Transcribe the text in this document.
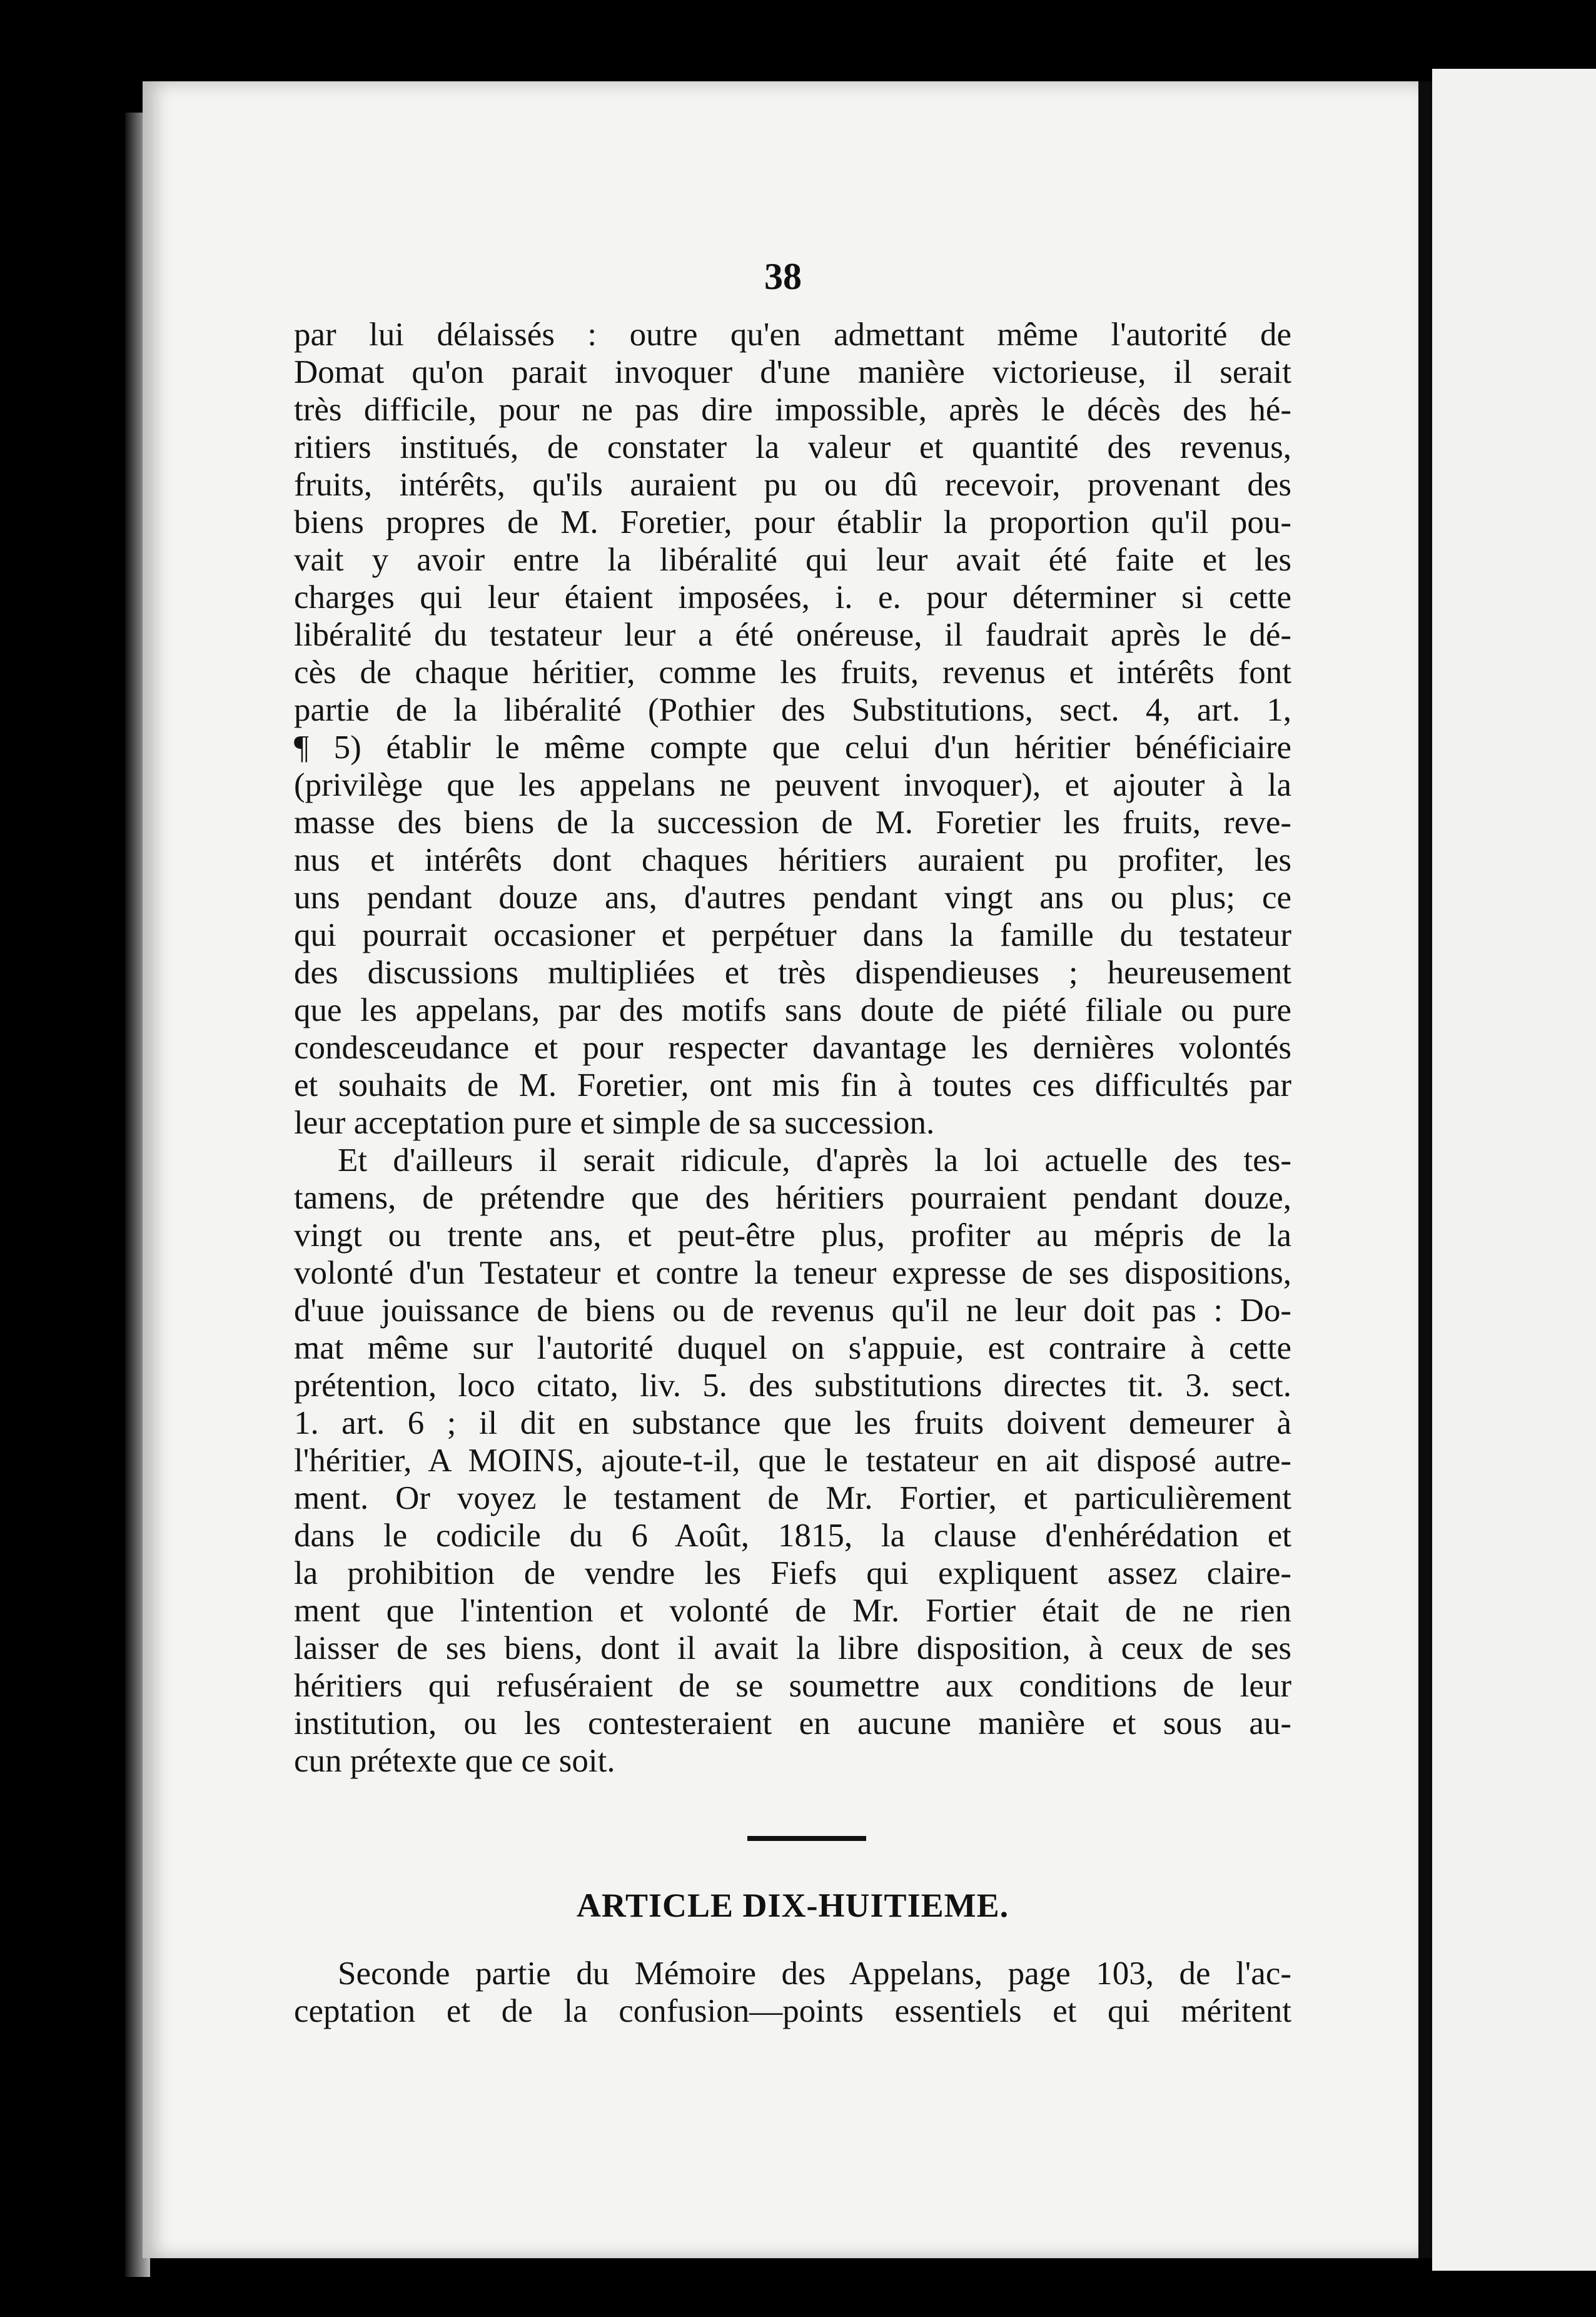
38
par lui délaissés : outre qu'en admettant même l'autorité de
Domat qu'on parait invoquer d'une manière victorieuse, il serait
très difficile, pour ne pas dire impossible, après le décès des hé-
ritiers institués, de constater la valeur et quantité des revenus,
fruits, intérêts, qu'ils auraient pu ou dû recevoir, provenant des
biens propres de M. Foretier, pour établir la proportion qu'il pou-
vait y avoir entre la libéralité qui leur avait été faite et les
charges qui leur étaient imposées, i. e. pour déterminer si cette
libéralité du testateur leur a été onéreuse, il faudrait après le dé-
cès de chaque héritier, comme les fruits, revenus et intérêts font
partie de la libéralité (Pothier des Substitutions, sect. 4, art. 1,
¶ 5) établir le même compte que celui d'un héritier bénéficiaire
(privilège que les appelans ne peuvent invoquer), et ajouter à la
masse des biens de la succession de M. Foretier les fruits, reve-
nus et intérêts dont chaques héritiers auraient pu profiter, les
uns pendant douze ans, d'autres pendant vingt ans ou plus; ce
qui pourrait occasioner et perpétuer dans la famille du testateur
des discussions multipliées et très dispendieuses ; heureusement
que les appelans, par des motifs sans doute de piété filiale ou pure
condesceudance et pour respecter davantage les dernières volontés
et souhaits de M. Foretier, ont mis fin à toutes ces difficultés par
leur acceptation pure et simple de sa succession.
Et d'ailleurs il serait ridicule, d'après la loi actuelle des tes-
tamens, de prétendre que des héritiers pourraient pendant douze,
vingt ou trente ans, et peut-être plus, profiter au mépris de la
volonté d'un Testateur et contre la teneur expresse de ses dispositions,
d'uue jouissance de biens ou de revenus qu'il ne leur doit pas : Do-
mat même sur l'autorité duquel on s'appuie, est contraire à cette
prétention, loco citato, liv. 5. des substitutions directes tit. 3. sect.
1. art. 6 ; il dit en substance que les fruits doivent demeurer à
l'héritier, A MOINS, ajoute-t-il, que le testateur en ait disposé autre-
ment. Or voyez le testament de Mr. Fortier, et particulièrement
dans le codicile du 6 Août, 1815, la clause d'enhérédation et
la prohibition de vendre les Fiefs qui expliquent assez claire-
ment que l'intention et volonté de Mr. Fortier était de ne rien
laisser de ses biens, dont il avait la libre disposition, à ceux de ses
héritiers qui refuséraient de se soumettre aux conditions de leur
institution, ou les contesteraient en aucune manière et sous au-
cun prétexte que ce soit.
ARTICLE DIX-HUITIEME.
Seconde partie du Mémoire des Appelans, page 103, de l'ac-
ceptation et de la confusion—points essentiels et qui méritent
